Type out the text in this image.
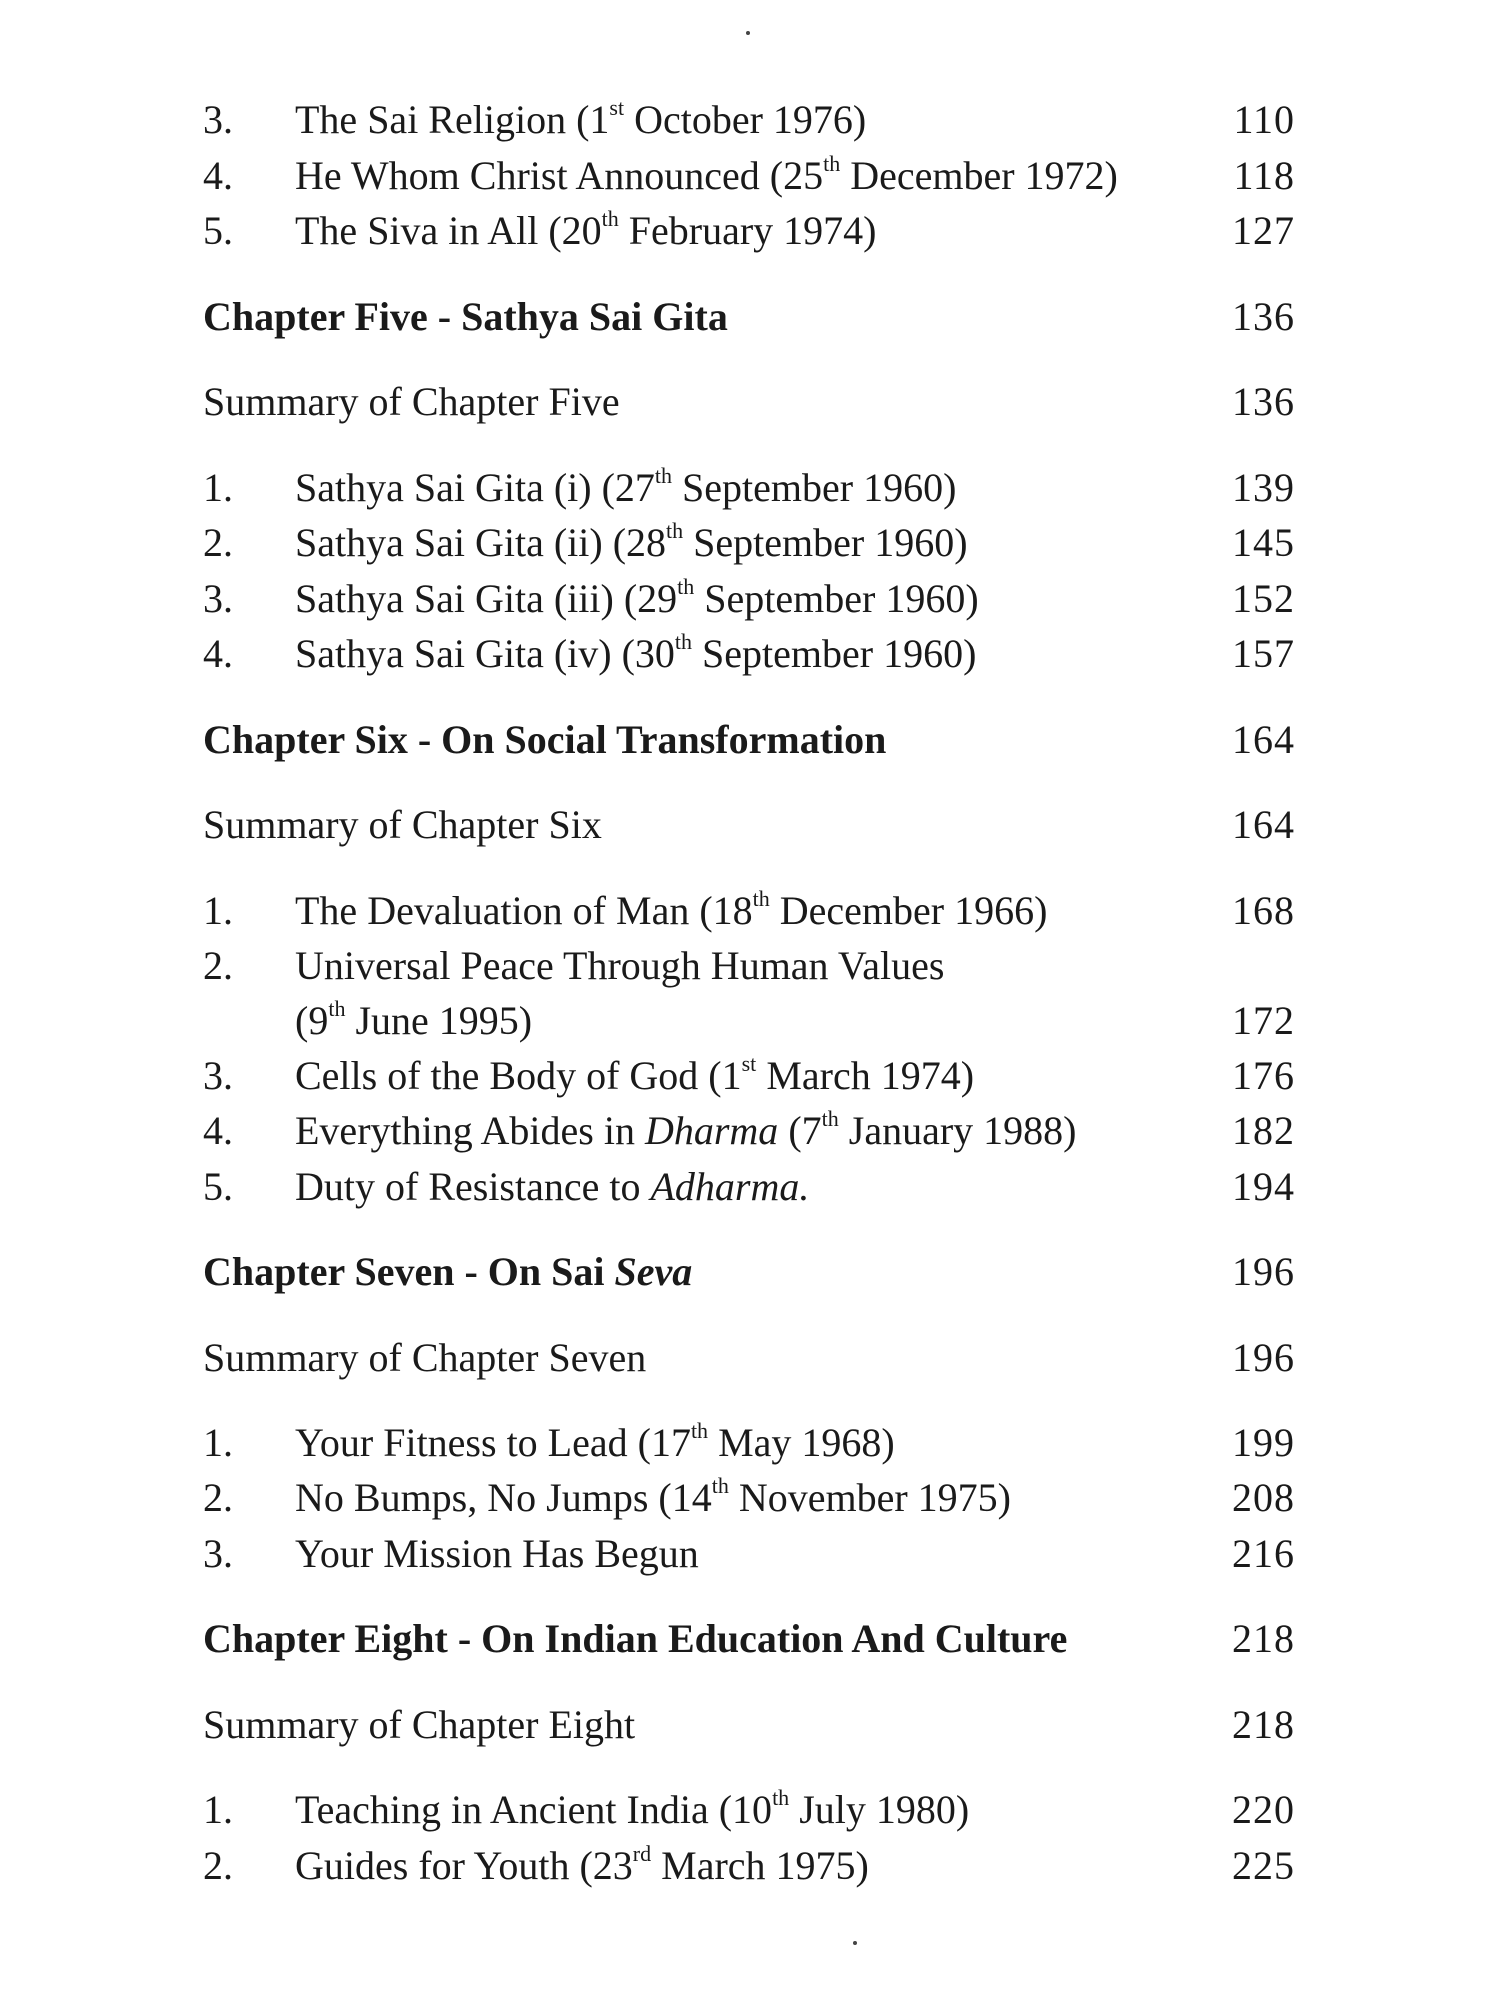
3. The Sai Religion (1st October 1976)	110
4. He Whom Christ Announced (25th December 1972)	118
5. The Siva in All (20th February 1974)	127
Chapter Five - Sathya Sai Gita	136
Summary of Chapter Five	136
1. Sathya Sai Gita (i) (27th September 1960)	139
2. Sathya Sai Gita (ii) (28th September 1960)	145
3. Sathya Sai Gita (iii) (29th September 1960)	152
4. Sathya Sai Gita (iv) (30th September 1960)	157
Chapter Six - On Social Transformation	164
Summary of Chapter Six	164
1. The Devaluation of Man (18th December 1966)	168
2. Universal Peace Through Human Values
(9th June 1995)	172
3. Cells of the Body of God (1st March 1974)	176
4. Everything Abides in Dharma (7th January 1988)	182
5. Duty of Resistance to Adharma.	194
Chapter Seven - On Sai Seva	196
Summary of Chapter Seven	196
1. Your Fitness to Lead (17th May 1968)	199
2. No Bumps, No Jumps (14th November 1975)	208
3. Your Mission Has Begun	216
Chapter Eight - On Indian Education And Culture	218
Summary of Chapter Eight	218
1. Teaching in Ancient India (10th July 1980)	220
2. Guides for Youth (23rd March 1975)	225
